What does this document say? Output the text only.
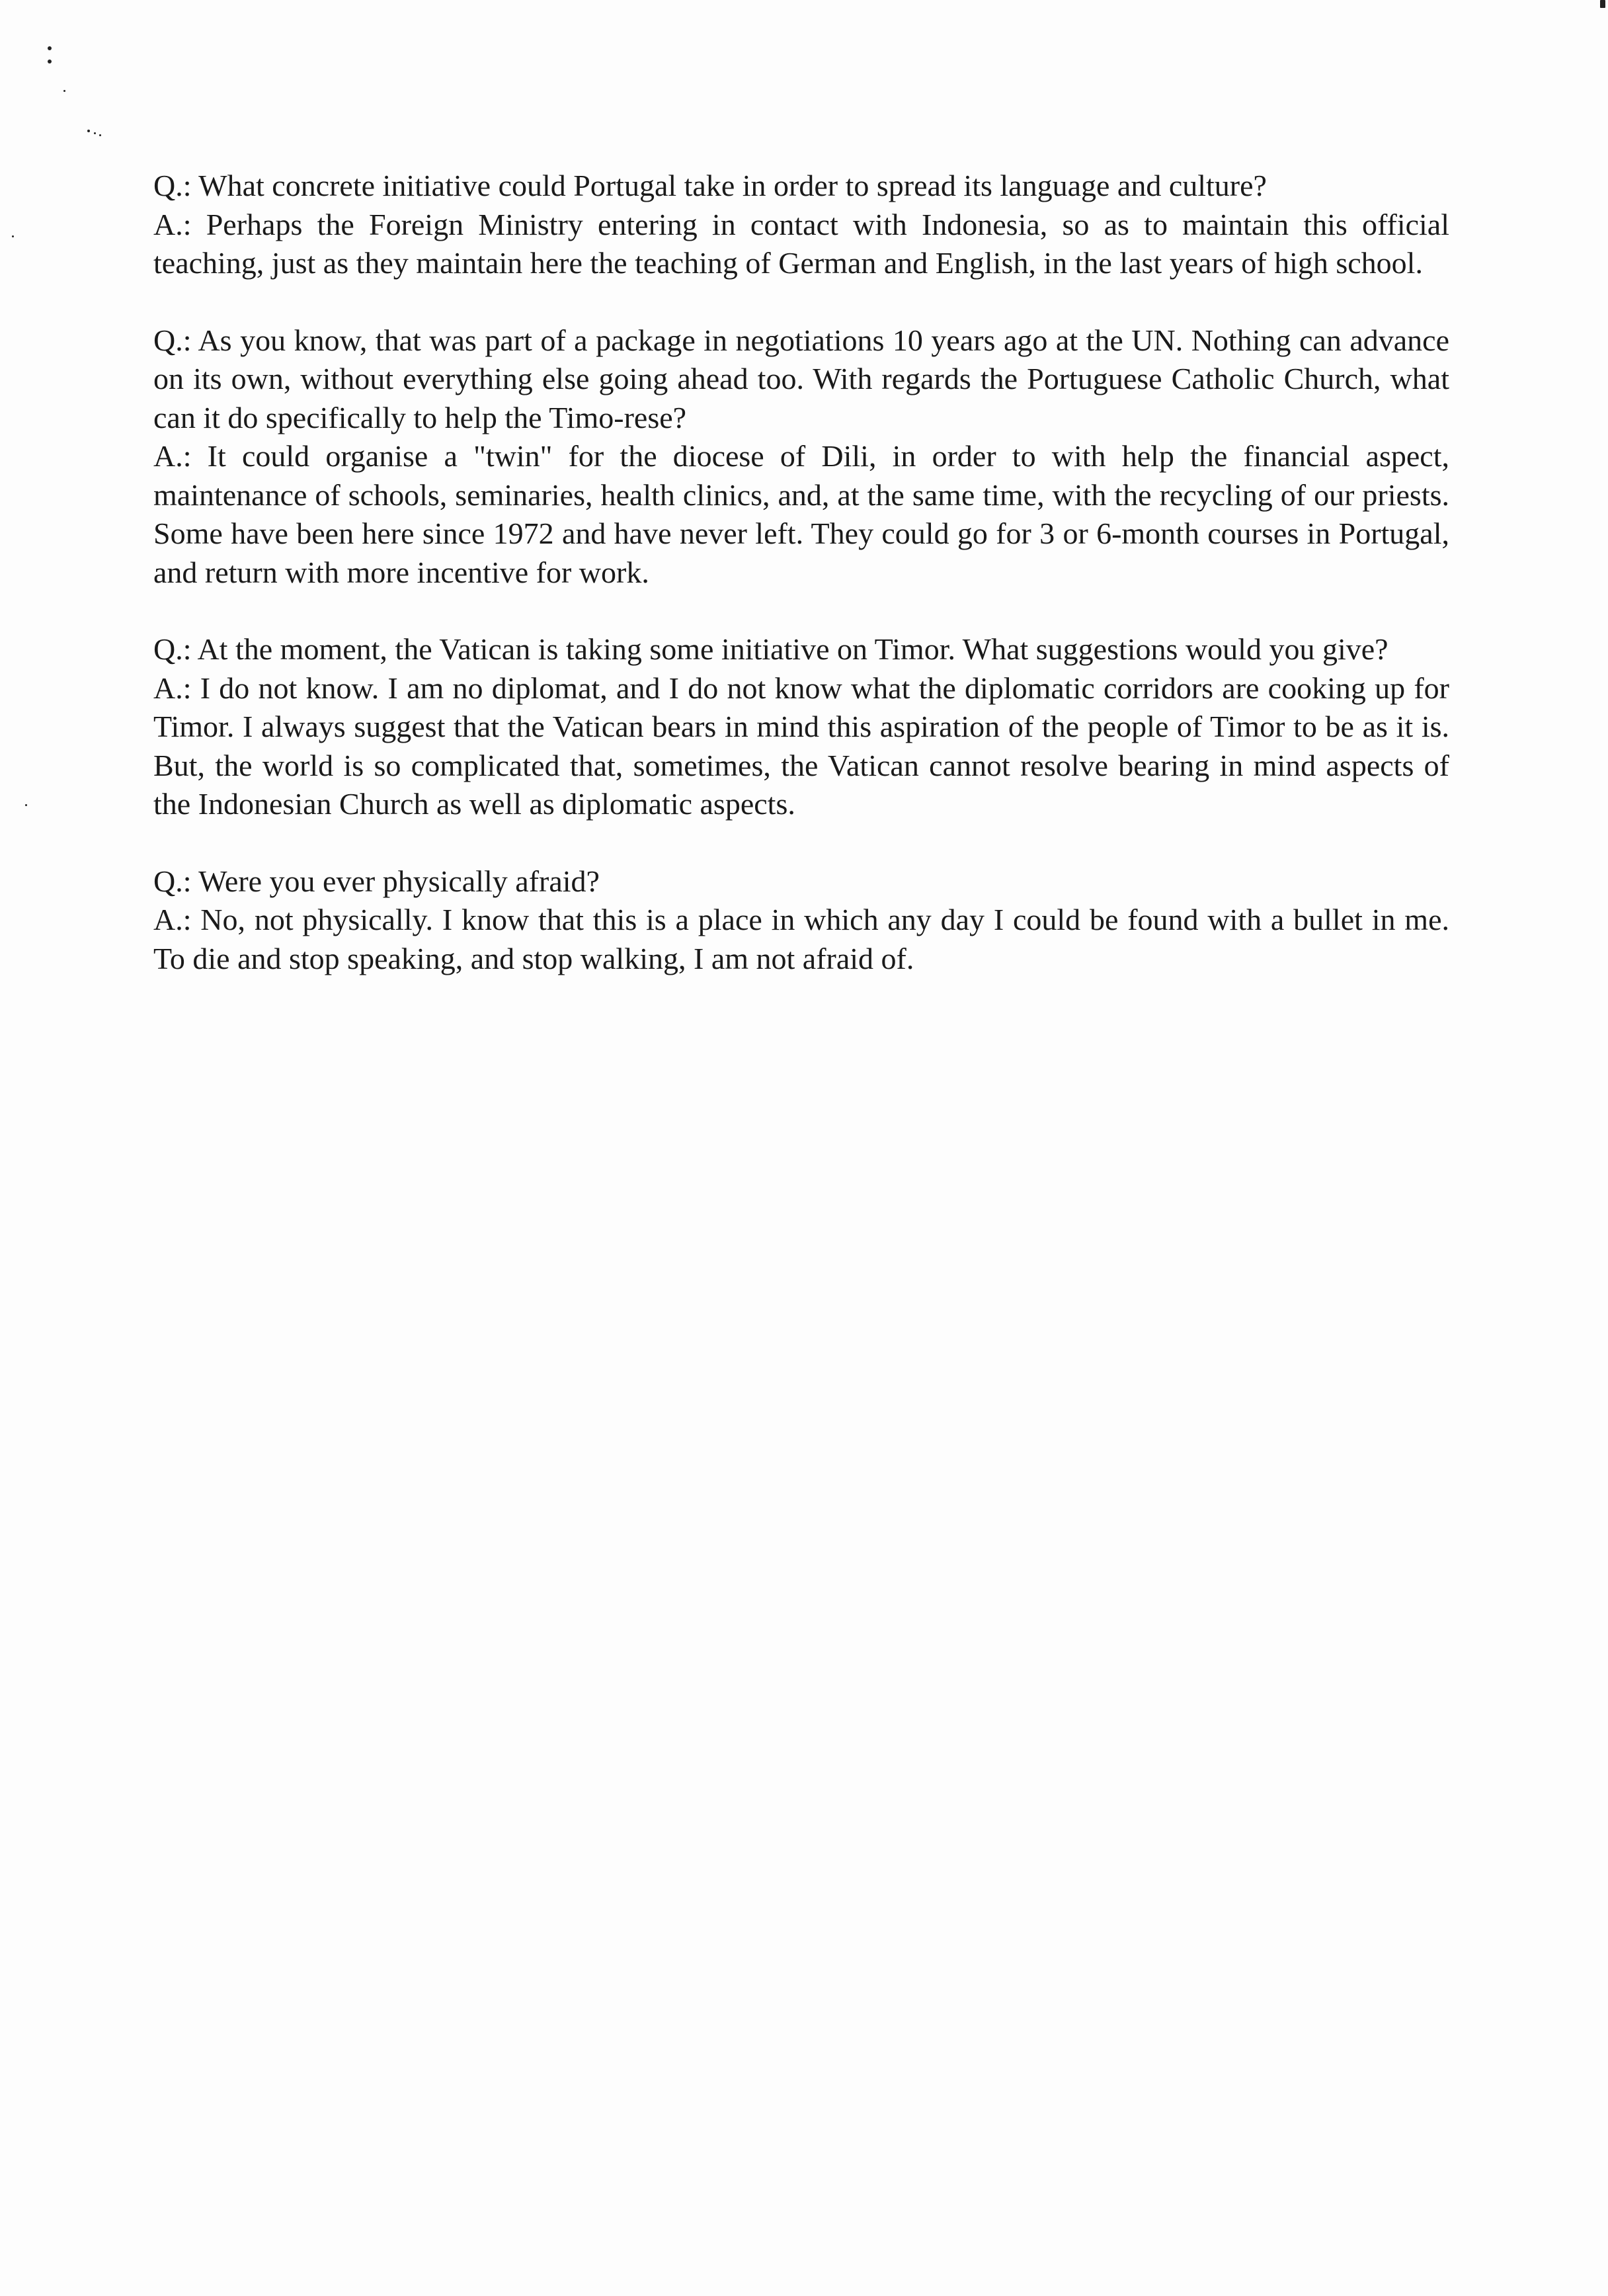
Q.: What concrete initiative could Portugal take in order to spread its language and culture?

A.: Perhaps the Foreign Ministry entering in contact with Indonesia, so as to maintain this official teaching, just as they maintain here the teaching of German and English, in the last years of high school.

Q.: As you know, that was part of a package in negotiations 10 years ago at the UN. Nothing can advance on its own, without everything else going ahead too. With regards the Portuguese Catholic Church, what can it do specifically to help the Timo-rese?

A.: It could organise a "twin" for the diocese of Dili, in order to with help the financial aspect, maintenance of schools, seminaries, health clinics, and, at the same time, with the recycling of our priests. Some have been here since 1972 and have never left. They could go for 3 or 6-month courses in Portugal, and return with more incentive for work.

Q.: At the moment, the Vatican is taking some initiative on Timor. What suggestions would you give?

A.: I do not know. I am no diplomat, and I do not know what the diplomatic corridors are cooking up for Timor. I always suggest that the Vatican bears in mind this aspiration of the people of Timor to be as it is. But, the world is so complicated that, sometimes, the Vatican cannot resolve bearing in mind aspects of the Indonesian Church as well as diplomatic aspects.

Q.: Were you ever physically afraid?

A.: No, not physically. I know that this is a place in which any day I could be found with a bullet in me. To die and stop speaking, and stop walking, I am not afraid of.
